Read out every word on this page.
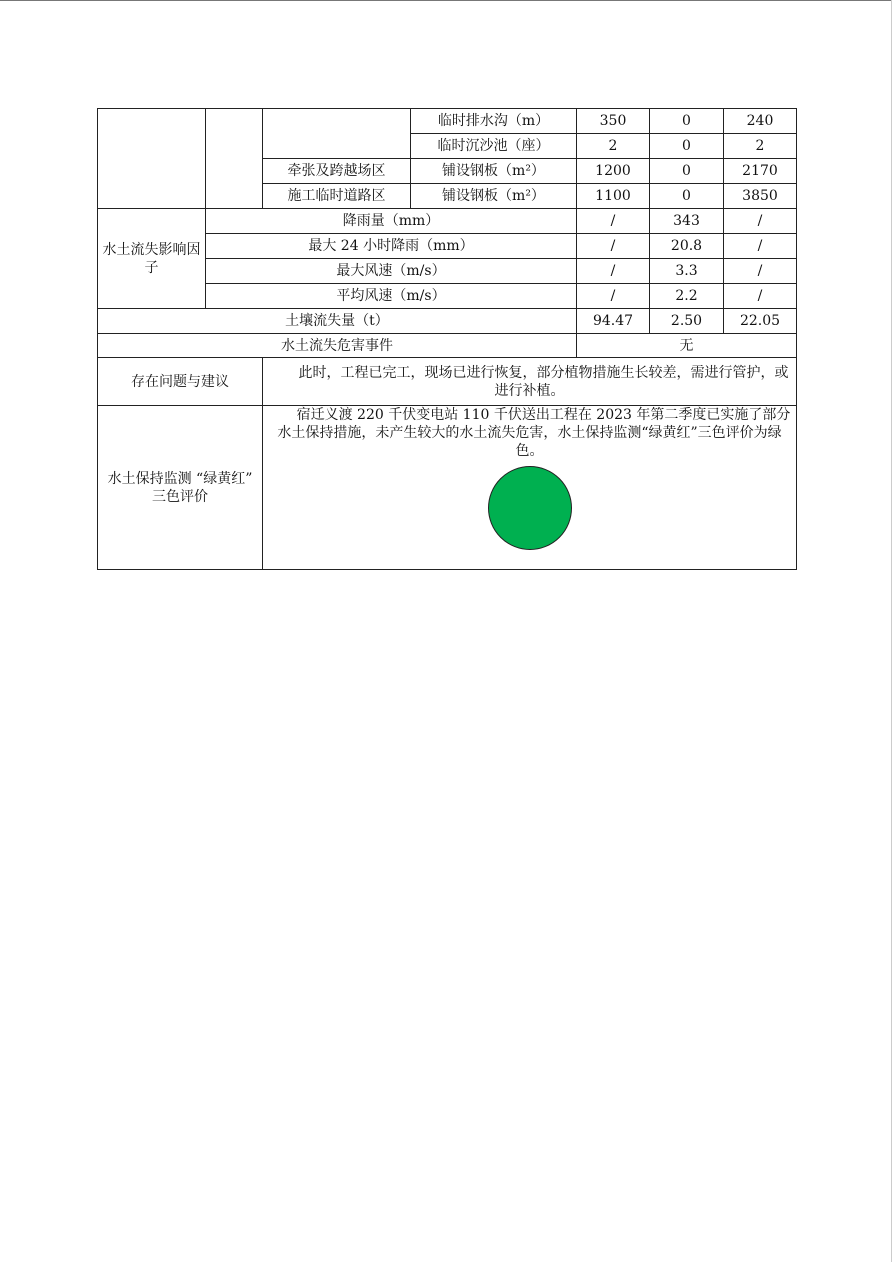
			临时排水沟（m）	350	0	240
			临时沉沙池（座）	2	0	2
		牵张及跨越场区	铺设钢板（m²）	1200	0	2170
		施工临时道路区	铺设钢板（m²）	1100	0	3850
水土流失影响因子	降雨量（mm）			/	343	/
	最大 24 小时降雨（mm）			/	20.8	/
	最大风速（m/s）			/	3.3	/
	平均风速（m/s）			/	2.2	/
土壤流失量（t）				94.47	2.50	22.05
水土流失危害事件				无		
存在问题与建议		此时，工程已完工，现场已进行恢复，部分植物措施生长较差，需进行管护，或进行补植。				
水土保持监测 “绿黄红” 三色评价		宿迁义渡 220 千伏变电站 110 千伏送出工程在 2023 年第二季度已实施了部分水土保持措施，未产生较大的水土流失危害，水土保持监测“绿黄红”三色评价为绿色。				
